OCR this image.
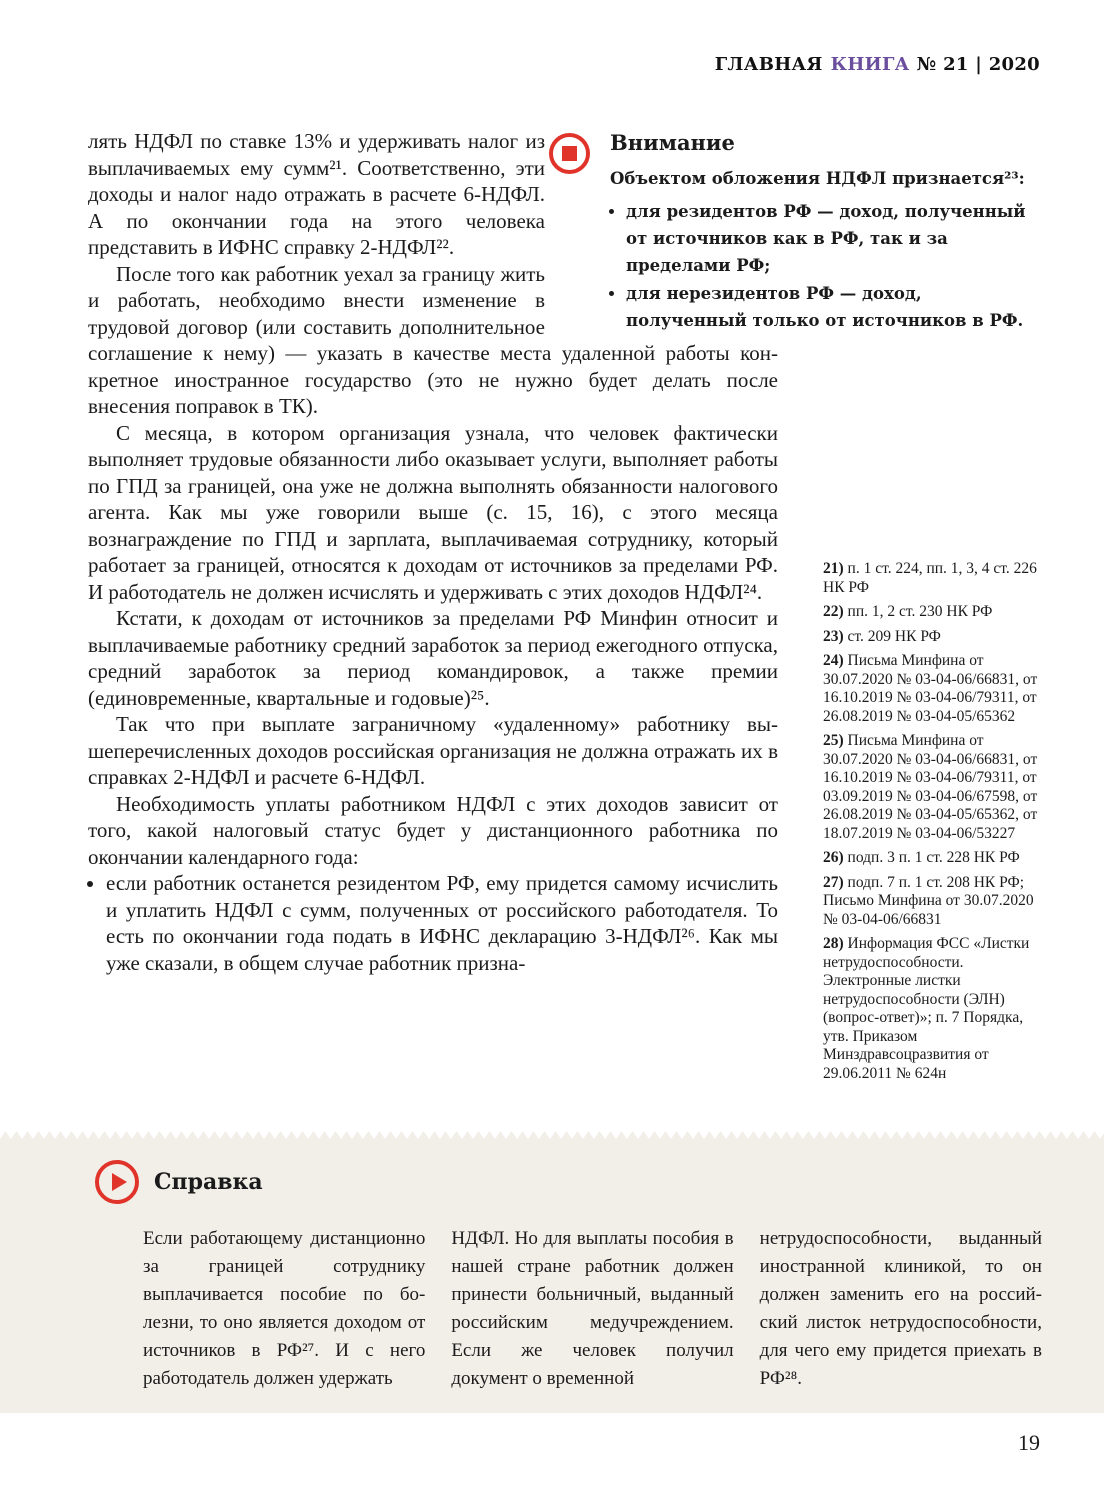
ГЛАВНАЯ КНИГА № 21 | 2020
Внимание

Объектом обложения НДФЛ признается²³:

• для резидентов РФ — доход, полученный от источников как в РФ, так и за пределами РФ;
• для нерезидентов РФ — доход, полученный только от источников в РФ.

лять НДФЛ по ставке 13% и удерживать налог из выплачиваемых ему сумм²¹. Соответственно, эти доходы и налог надо отражать в расчете 6-НДФЛ. А по окончании года на этого человека представить в ИФНС справку 2-НДФЛ²².

После того как работник уехал за границу жить и работать, необходимо внести изменение в трудовой договор (или составить дополнительное соглашение к нему) — указать в качестве места удаленной работы конкретное иностранное государство (это не нужно будет делать после внесения поправок в ТК).

С месяца, в котором организация узнала, что человек фактически выполняет трудовые обязанности либо оказывает услуги, выполняет работы по ГПД за границей, она уже не должна выполнять обязанности налогового агента. Как мы уже говорили выше (с. 15, 16), с этого месяца вознаграждение по ГПД и зарплата, выплачиваемая сотруднику, который работает за границей, относятся к доходам от источников за пределами РФ. И работодатель не должен исчислять и удерживать с этих доходов НДФЛ²⁴.

Кстати, к доходам от источников за пределами РФ Минфин относит и выплачиваемые работнику средний заработок за период ежегодного отпуска, средний заработок за период командировок, а также премии (единовременные, квартальные и годовые)²⁵.

Так что при выплате заграничному «удаленному» работнику вышеперечисленных доходов российская организация не должна отражать их в справках 2-НДФЛ и расчете 6-НДФЛ.

Необходимость уплаты работником НДФЛ с этих доходов зависит от того, какой налоговый статус будет у дистанционного работника по окончании календарного года:

• если работник останется резидентом РФ, ему придется самому исчислить и уплатить НДФЛ с сумм, полученных от российского работодателя. То есть по окончании года подать в ИФНС декларацию 3-НДФЛ²⁶. Как мы уже сказали, в общем случае работник призна-

21) п. 1 ст. 224, пп. 1, 3, 4 ст. 226 НК РФ

22) пп. 1, 2 ст. 230 НК РФ

23) ст. 209 НК РФ

24) Письма Минфина от 30.07.2020 № 03-04-06/66831, от 16.10.2019 № 03-04-06/79311, от 26.08.2019 № 03-04-05/65362

25) Письма Минфина от 30.07.2020 № 03-04-06/66831, от 16.10.2019 № 03-04-06/79311, от 03.09.2019 № 03-04-06/67598, от 26.08.2019 № 03-04-05/65362, от 18.07.2019 № 03-04-06/53227

26) подп. 3 п. 1 ст. 228 НК РФ

27) подп. 7 п. 1 ст. 208 НК РФ; Письмо Минфина от 30.07.2020 № 03-04-06/66831

28) Информация ФСС «Листки нетрудоспособности. Электронные листки нетрудоспособности (ЭЛН) (вопрос-ответ)»; п. 7 Порядка, утв. Приказом Минздравсоцразвития от 29.06.2011 № 624н

Справка

Если работающему дистанционно за границей сотруднику выплачивается пособие по болезни, то оно является доходом от источников в РФ²⁷. И с него работодатель должен удержать

НДФЛ. Но для выплаты пособия в нашей стране работник должен принести больничный, выданный российским медучреждением. Если же человек получил документ о временной

нетрудоспособности, выданный иностранной клиникой, то он должен заменить его на российский листок нетрудоспособности, для чего ему придется приехать в РФ²⁸.

19
